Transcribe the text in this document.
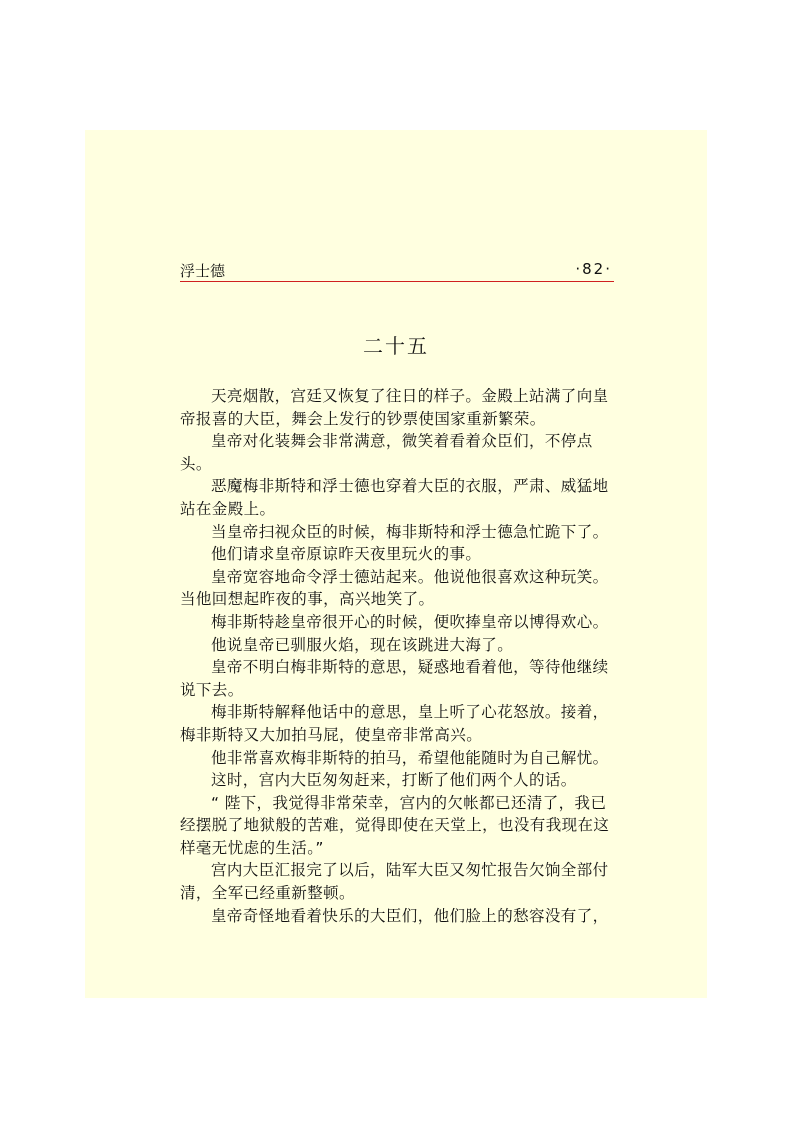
浮士德	·82·
二十五

天亮烟散，宫廷又恢复了往日的样子。金殿上站满了向皇帝报喜的大臣，舞会上发行的钞票使国家重新繁荣。

皇帝对化装舞会非常满意，微笑着看着众臣们，不停点头。

恶魔梅非斯特和浮士德也穿着大臣的衣服，严肃、威猛地站在金殿上。

当皇帝扫视众臣的时候，梅非斯特和浮士德急忙跪下了。

他们请求皇帝原谅昨天夜里玩火的事。

皇帝宽容地命令浮士德站起来。他说他很喜欢这种玩笑。当他回想起昨夜的事，高兴地笑了。

梅非斯特趁皇帝很开心的时候，便吹捧皇帝以博得欢心。

他说皇帝已驯服火焰，现在该跳进大海了。

皇帝不明白梅非斯特的意思，疑惑地看着他，等待他继续说下去。

梅非斯特解释他话中的意思，皇上听了心花怒放。接着，梅非斯特又大加拍马屁，使皇帝非常高兴。

他非常喜欢梅非斯特的拍马，希望他能随时为自己解忧。

这时，宫内大臣匆匆赶来，打断了他们两个人的话。

“ 陛下，我觉得非常荣幸，宫内的欠帐都已还清了，我已经摆脱了地狱般的苦难，觉得即使在天堂上，也没有我现在这样毫无忧虑的生活。”

宫内大臣汇报完了以后，陆军大臣又匆忙报告欠饷全部付清，全军已经重新整顿。

皇帝奇怪地看着快乐的大臣们，他们脸上的愁容没有了，
